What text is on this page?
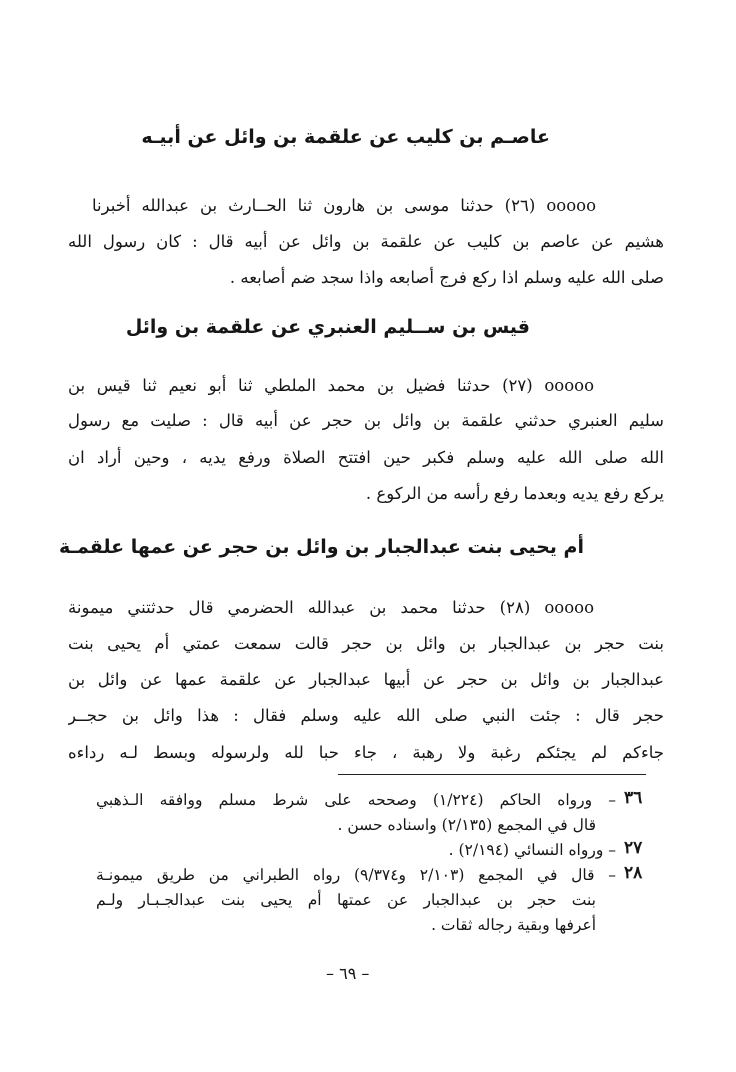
عاصـم بن كليب عن علقمة بن وائل عن أبيـه
ooooo (٢٦) حدثنا موسى بن هارون ثنا الحــارث بن عبدالله أخبرنا
هشيم عن عاصم بن كليب عن علقمة بن وائل عن أبيه قال : كان رسول الله
صلى الله عليه وسلم اذا ركع فرج أصابعه واذا سجد ضم أصابعه .
قيس بن ســليم العنبري عن علقمة بن وائل
ooooo (٢٧) حدثنا فضيل بن محمد الملطي ثنا أبو نعيم ثنا قيس بن
سليم العنبري حدثني علقمة بن وائل بن حجر عن أبيه قال : صليت مع رسول
الله صلى الله عليه وسلم فكبر حين افتتح الصلاة ورفع يديه ، وحين أراد ان
يركع رفع يديه وبعدما رفع رأسه من الركوع .
أم يحيى بنت عبدالجبار بن وائل بن حجر عن عمها علقمـة
ooooo (٢٨) حدثنا محمد بن عبدالله الحضرمي قال حدثتني ميمونة
بنت حجر بن عبدالجبار بن وائل بن حجر قالت سمعت عمتي أم يحيى بنت
عبدالجبار بن وائل بن حجر عن أبيها عبدالجبار عن علقمة عمها عن وائل بن
حجر قال : جئت النبي صلى الله عليه وسلم فقال : هذا وائل بن حجــر
جاءكم لم يجئكم رغبة ولا رهبة ، جاء حبا لله ولرسوله وبسط لـه رداءه
٣٦
– ورواه الحاكم (١/٢٢٤) وصححه على شرط مسلم ووافقه الـذهبي
قال في المجمع (٢/١٣٥) واسناده حسن .
٢٧
– ورواه النسائي (٢/١٩٤) .
٢٨
– قال في المجمع (٢/١٠٣ و٩/٣٧٤) رواه الطبراني من طريق ميمونـة
بنت حجر بن عبدالجبار عن عمتها أم يحيى بنت عبدالجـبـار ولـم
أعرفها وبقية رجاله ثقات .
– ٦٩ –
